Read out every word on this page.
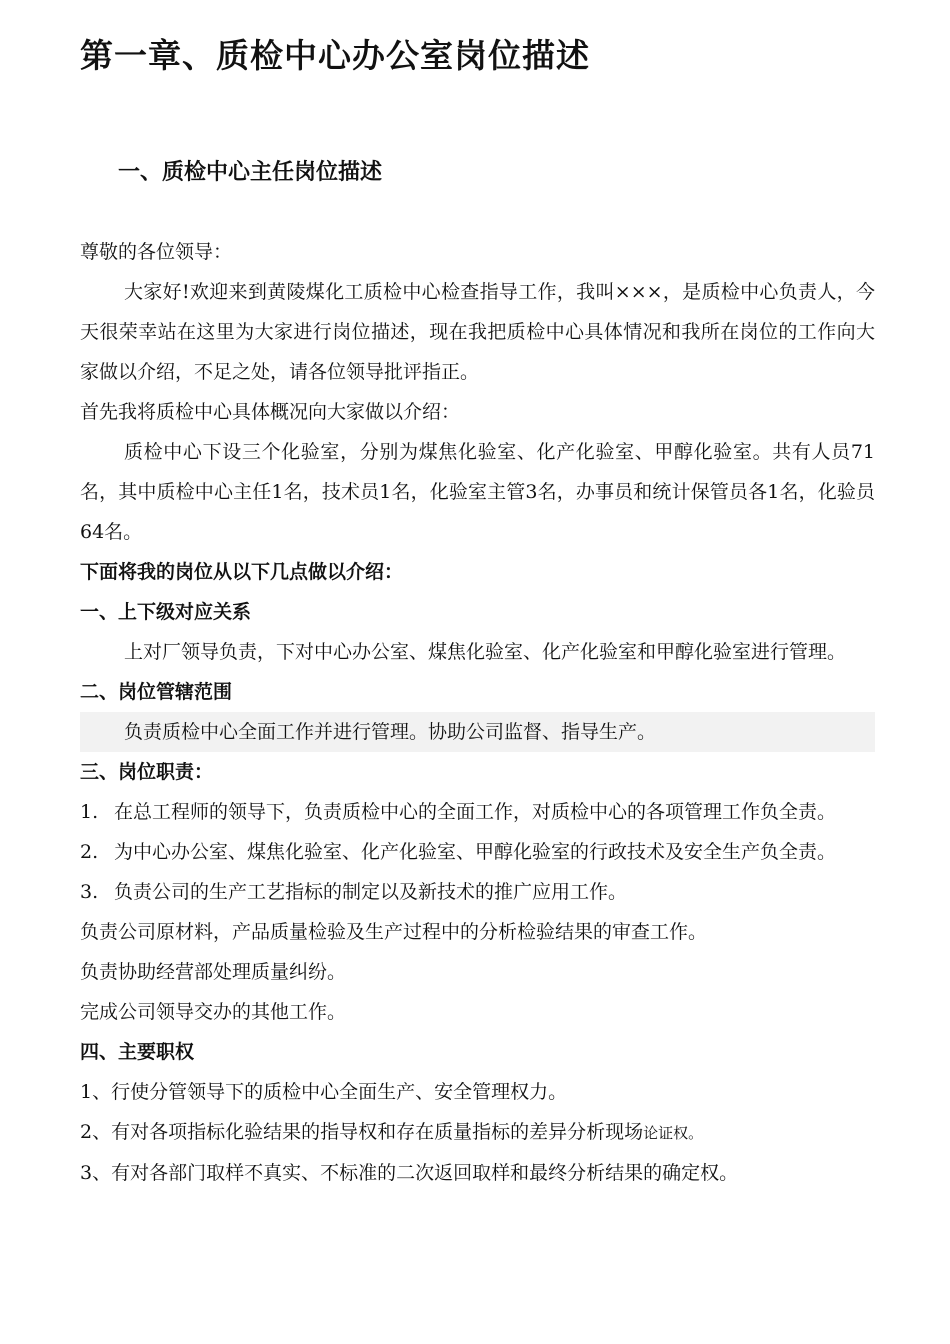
第一章、质检中心办公室岗位描述
一、质检中心主任岗位描述

尊敬的各位领导：

大家好!欢迎来到黄陵煤化工质检中心检查指导工作，我叫×××，是质检中心负责人，今天很荣幸站在这里为大家进行岗位描述，现在我把质检中心具体情况和我所在岗位的工作向大家做以介绍，不足之处，请各位领导批评指正。

首先我将质检中心具体概况向大家做以介绍：

质检中心下设三个化验室，分别为煤焦化验室、化产化验室、甲醇化验室。共有人员71名，其中质检中心主任1名，技术员1名，化验室主管3名，办事员和统计保管员各1名，化验员64名。

下面将我的岗位从以下几点做以介绍：

一、上下级对应关系

上对厂领导负责，下对中心办公室、煤焦化验室、化产化验室和甲醇化验室进行管理。

二、岗位管辖范围

负责质检中心全面工作并进行管理。协助公司监督、指导生产。

三、岗位职责：

1. 在总工程师的领导下，负责质检中心的全面工作，对质检中心的各项管理工作负全责。
2. 为中心办公室、煤焦化验室、化产化验室、甲醇化验室的行政技术及安全生产负全责。
3. 负责公司的生产工艺指标的制定以及新技术的推广应用工作。

负责公司原材料，产品质量检验及生产过程中的分析检验结果的审查工作。

负责协助经营部处理质量纠纷。

完成公司领导交办的其他工作。

四、主要职权

1、行使分管领导下的质检中心全面生产、安全管理权力。

2、有对各项指标化验结果的指导权和存在质量指标的差异分析现场论证权。

3、有对各部门取样不真实、不标准的二次返回取样和最终分析结果的确定权。
